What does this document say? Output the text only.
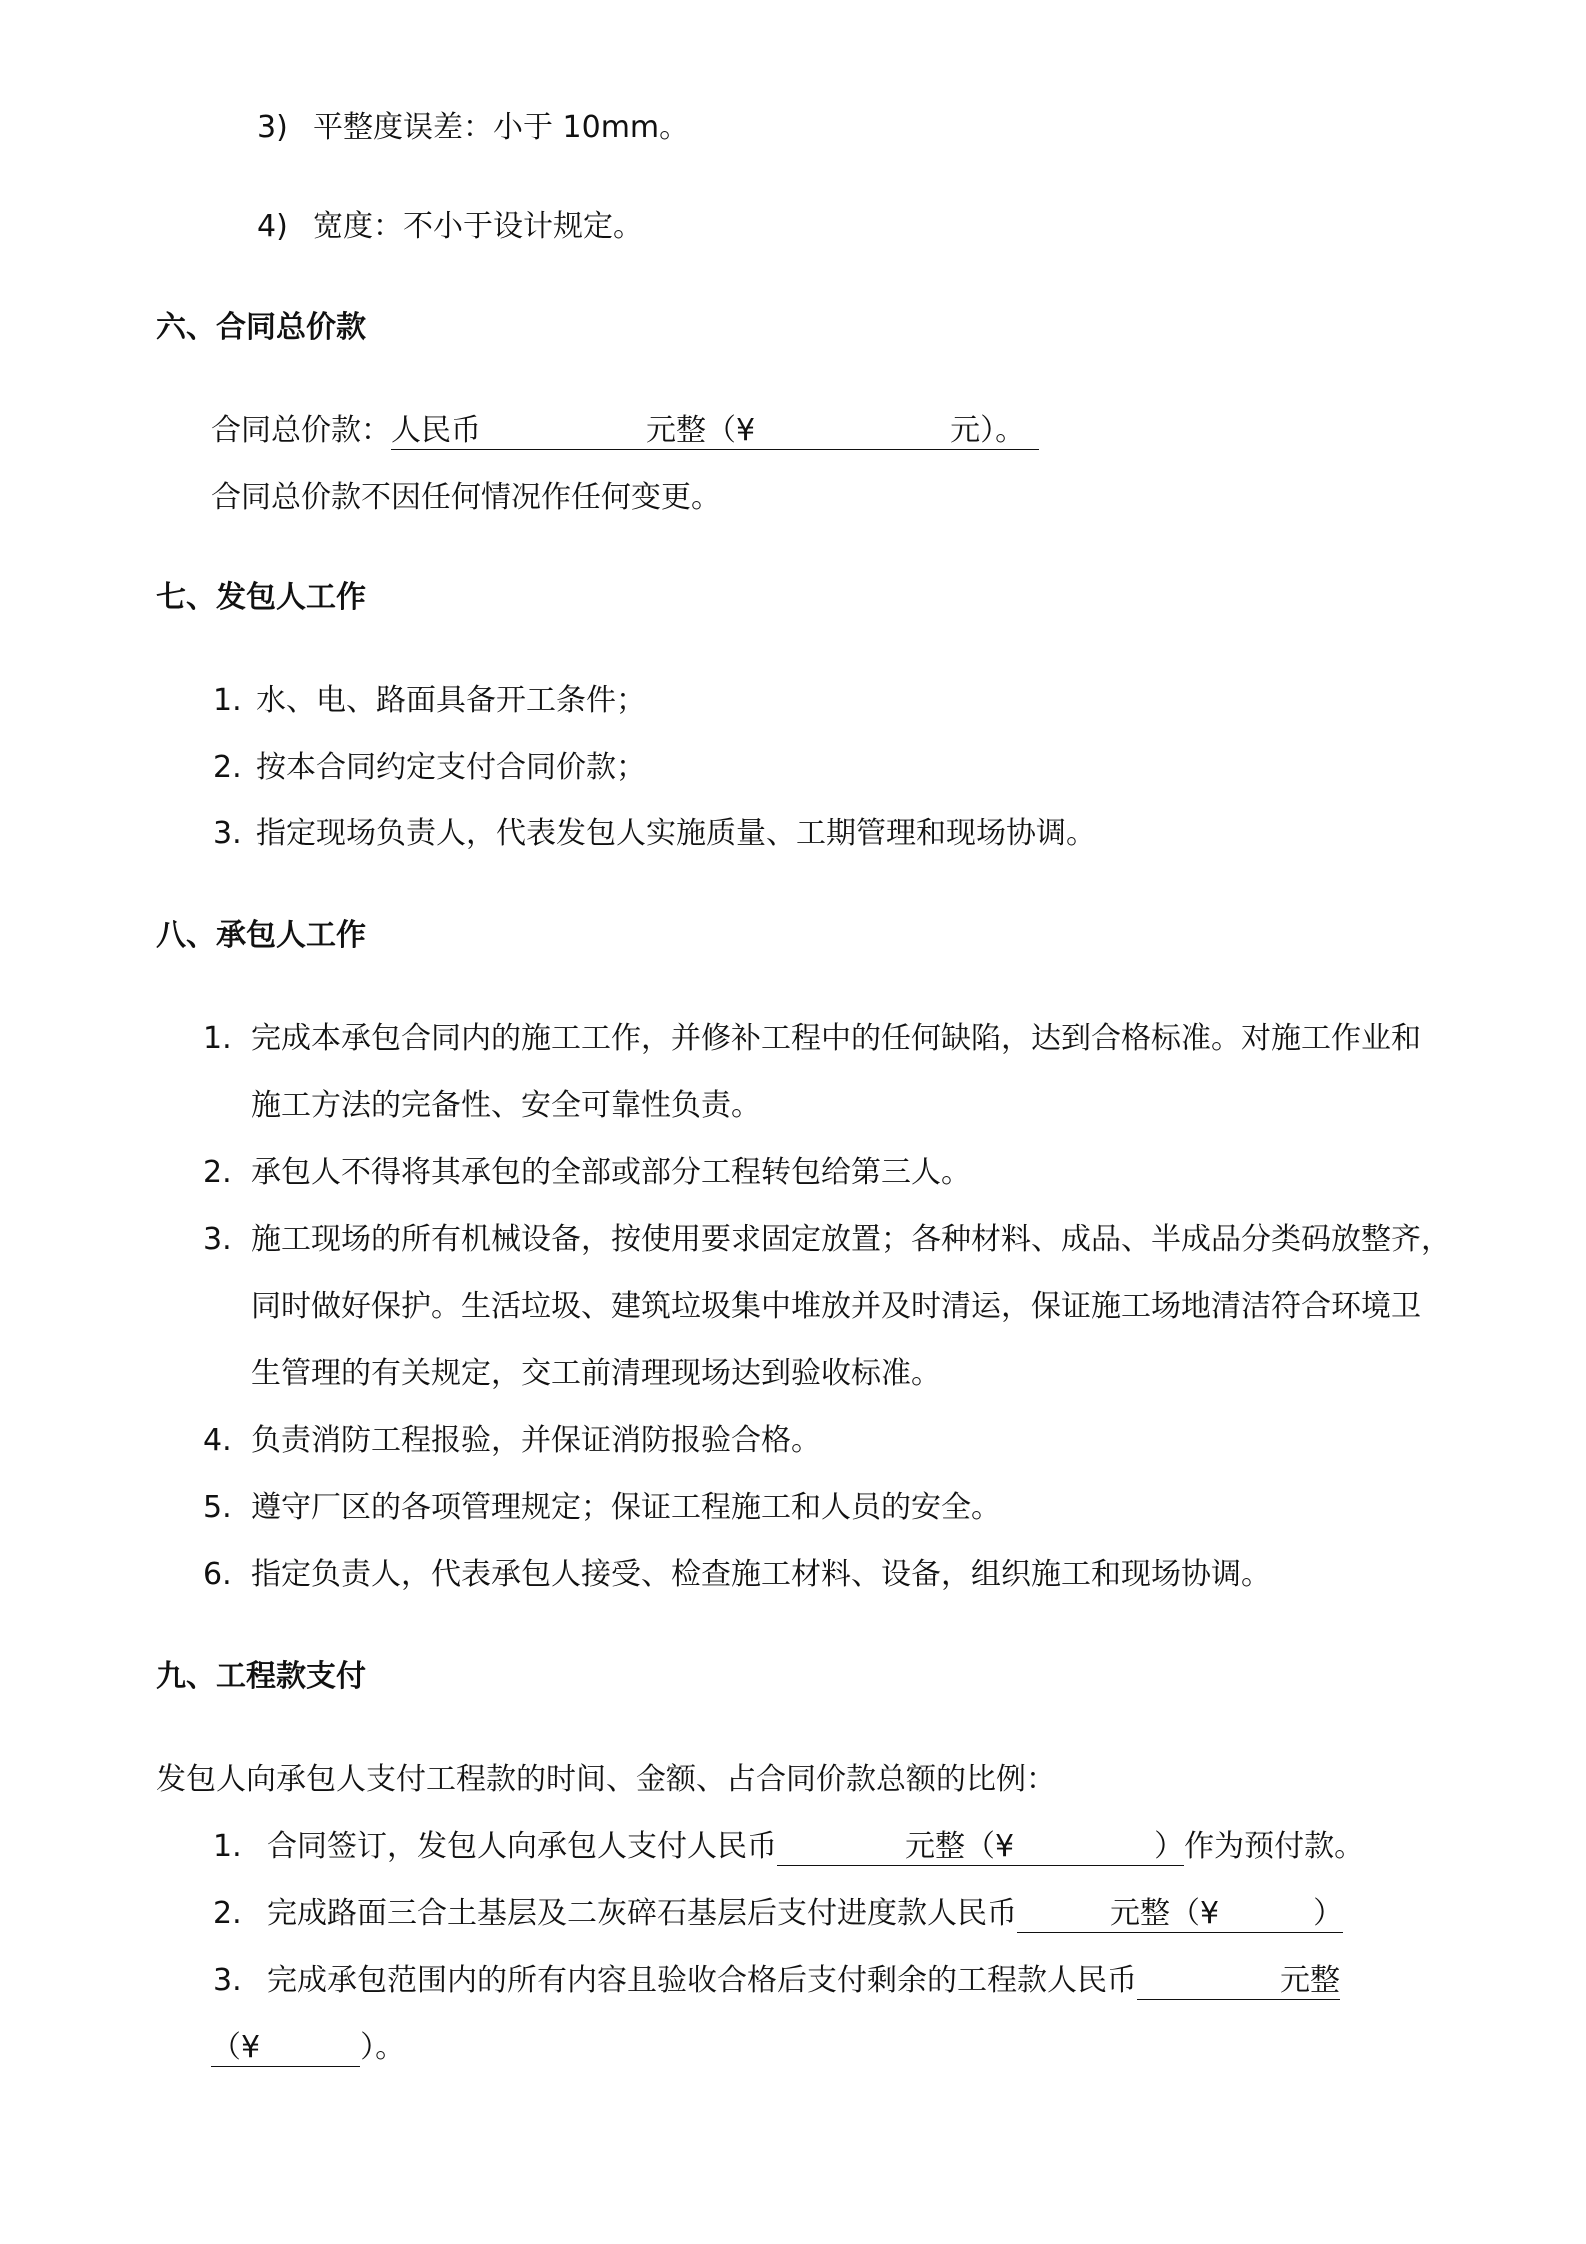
3) 平整度误差：小于 10mm。
4) 宽度：不小于设计规定。
六、合同总价款
合同总价款：人民币	元整（¥	元）。
合同总价款不因任何情况作任何变更。
七、发包人工作
1. 水、电、路面具备开工条件；
2. 按本合同约定支付合同价款；
3. 指定现场负责人，代表发包人实施质量、工期管理和现场协调。
八、承包人工作
1. 完成本承包合同内的施工工作，并修补工程中的任何缺陷，达到合格标准。对施工作业和
施工方法的完备性、安全可靠性负责。
2. 承包人不得将其承包的全部或部分工程转包给第三人。
3. 施工现场的所有机械设备，按使用要求固定放置；各种材料、成品、半成品分类码放整齐，
同时做好保护。生活垃圾、建筑垃圾集中堆放并及时清运，保证施工场地清洁符合环境卫
生管理的有关规定，交工前清理现场达到验收标准。
4. 负责消防工程报验，并保证消防报验合格。
5. 遵守厂区的各项管理规定；保证工程施工和人员的安全。
6. 指定负责人，代表承包人接受、检查施工材料、设备，组织施工和现场协调。
九、工程款支付
发包人向承包人支付工程款的时间、金额、占合同价款总额的比例：
1. 合同签订，发包人向承包人支付人民币	元整（¥	）作为预付款。
2. 完成路面三合土基层及二灰碎石基层后支付进度款人民币	元整（¥	）
3. 完成承包范围内的所有内容且验收合格后支付剩余的工程款人民币	元整
（¥	）。
